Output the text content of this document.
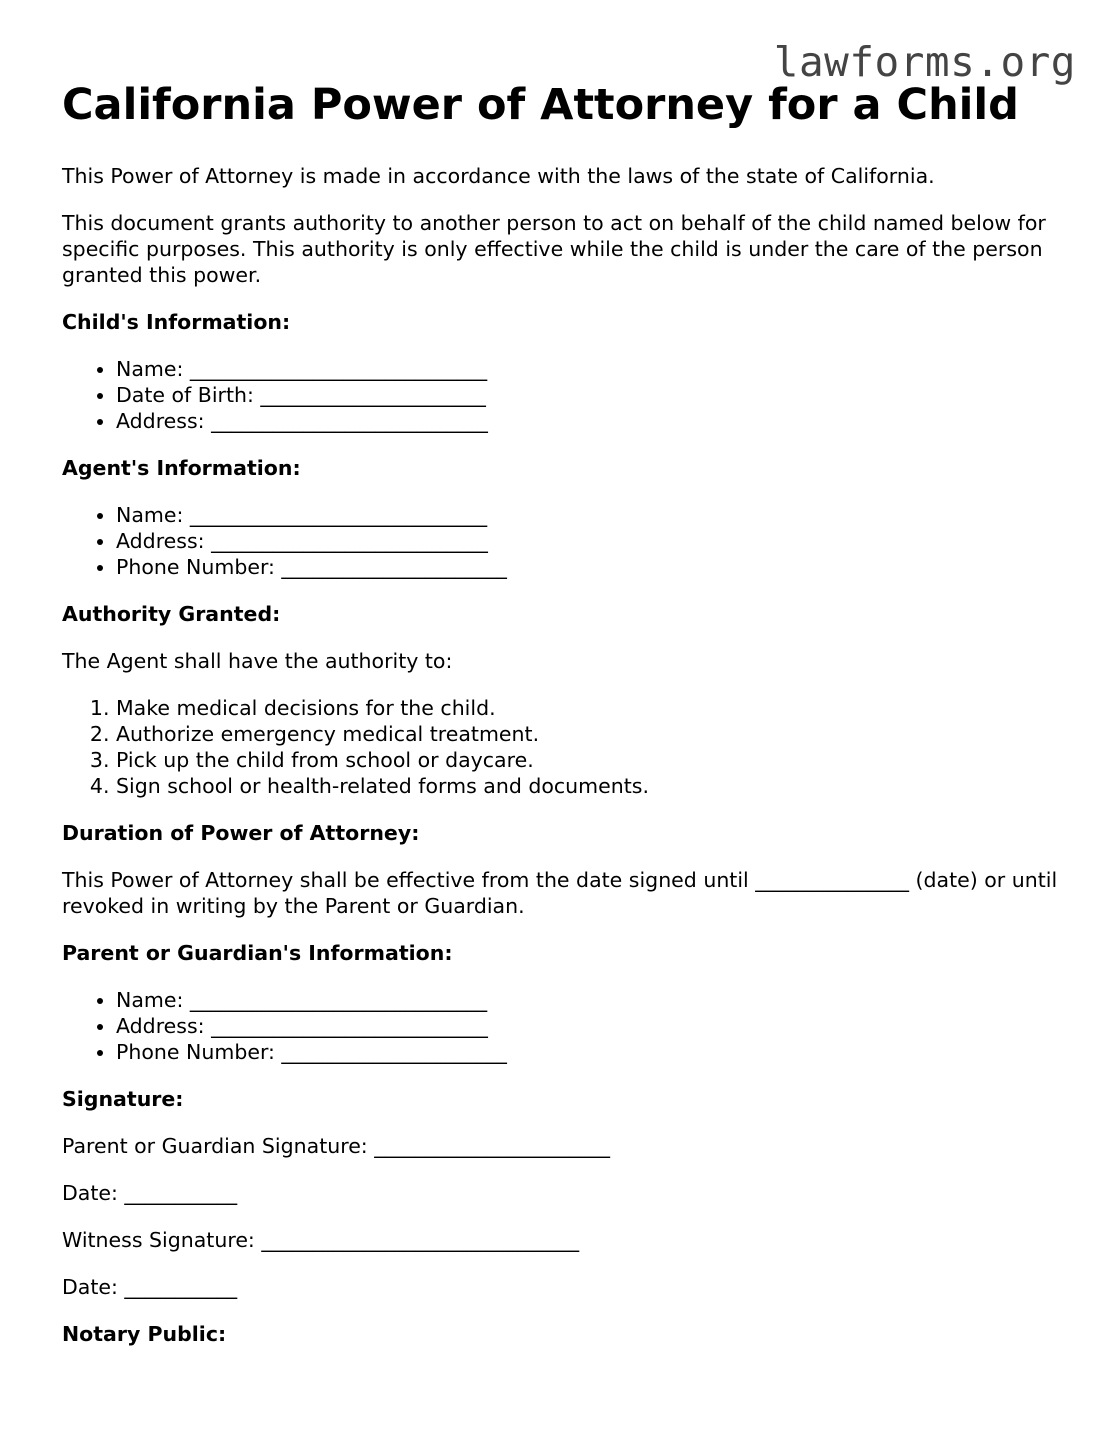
lawforms.org
California Power of Attorney for a Child

This Power of Attorney is made in accordance with the laws of the state of California.

This document grants authority to another person to act on behalf of the child named below for specific purposes. This authority is only effective while the child is under the care of the person granted this power.

Child's Information:

• Name: _____________________________
• Date of Birth: ______________________
• Address: ___________________________

Agent's Information:

• Name: _____________________________
• Address: ___________________________
• Phone Number: ______________________

Authority Granted:

The Agent shall have the authority to:

1. Make medical decisions for the child.
2. Authorize emergency medical treatment.
3. Pick up the child from school or daycare.
4. Sign school or health-related forms and documents.

Duration of Power of Attorney:

This Power of Attorney shall be effective from the date signed until _______________ (date) or until revoked in writing by the Parent or Guardian.

Parent or Guardian's Information:

• Name: _____________________________
• Address: ___________________________
• Phone Number: ______________________

Signature:

Parent or Guardian Signature: _______________________

Date: ___________

Witness Signature: _______________________________

Date: ___________

Notary Public:
